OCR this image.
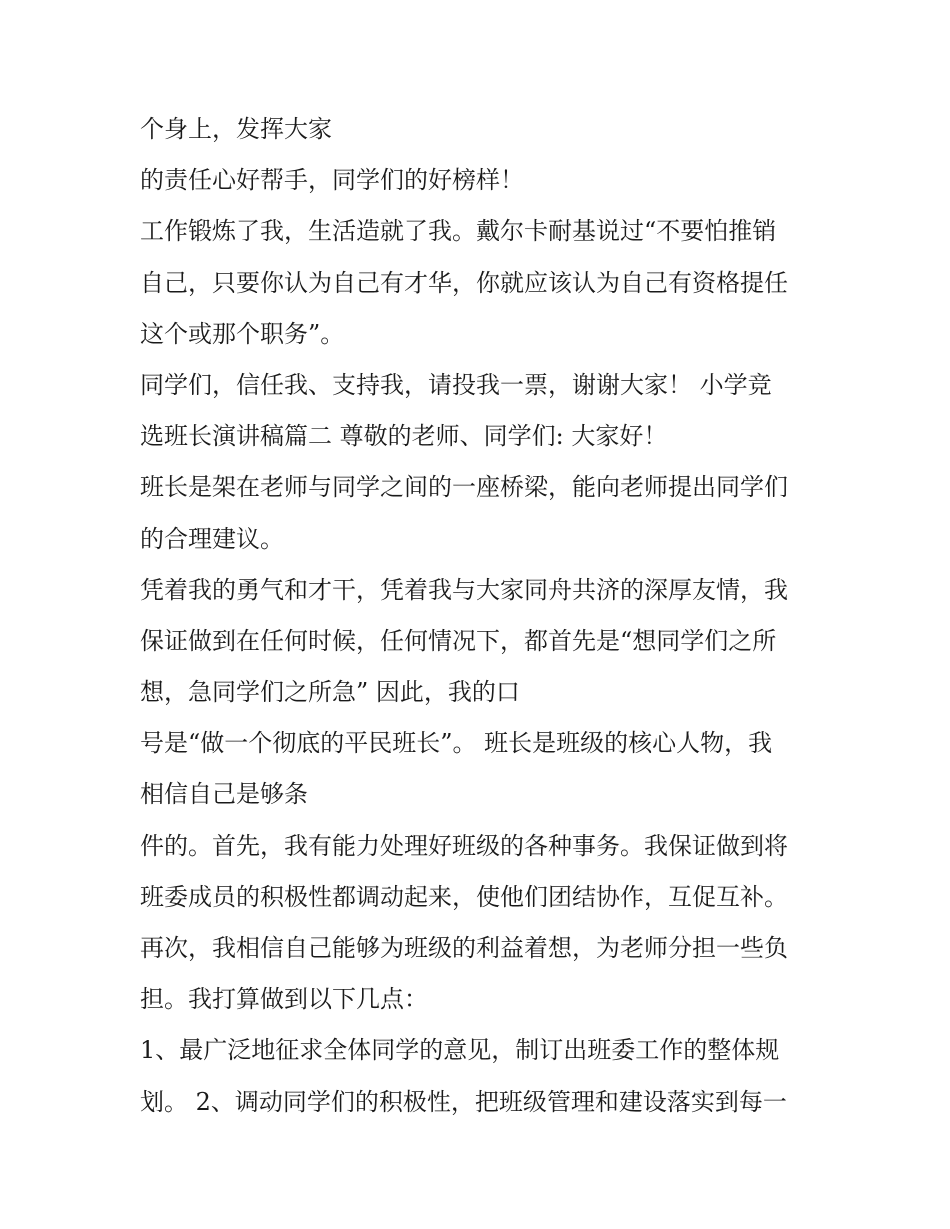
个身上，发挥大家

的责任心好帮手，同学们的好榜样！

工作锻炼了我，生活造就了我。戴尔卡耐基说过“不要怕推销

自己，只要你认为自己有才华，你就应该认为自己有资格提任

这个或那个职务”。

同学们，信任我、支持我，请投我一票，谢谢大家！ 小学竞

选班长演讲稿篇二 尊敬的老师、同学们: 大家好！

班长是架在老师与同学之间的一座桥梁，能向老师提出同学们

的合理建议。

凭着我的勇气和才干，凭着我与大家同舟共济的深厚友情，我

保证做到在任何时候，任何情况下，都首先是“想同学们之所

想，急同学们之所急” 因此，我的口

号是“做一个彻底的平民班长”。 班长是班级的核心人物，我

相信自己是够条

件的。首先，我有能力处理好班级的各种事务。我保证做到将

班委成员的积极性都调动起来，使他们团结协作，互促互补。

再次，我相信自己能够为班级的利益着想，为老师分担一些负

担。我打算做到以下几点：

1、最广泛地征求全体同学的意见，制订出班委工作的整体规

划。 2、调动同学们的积极性，把班级管理和建设落实到每一
